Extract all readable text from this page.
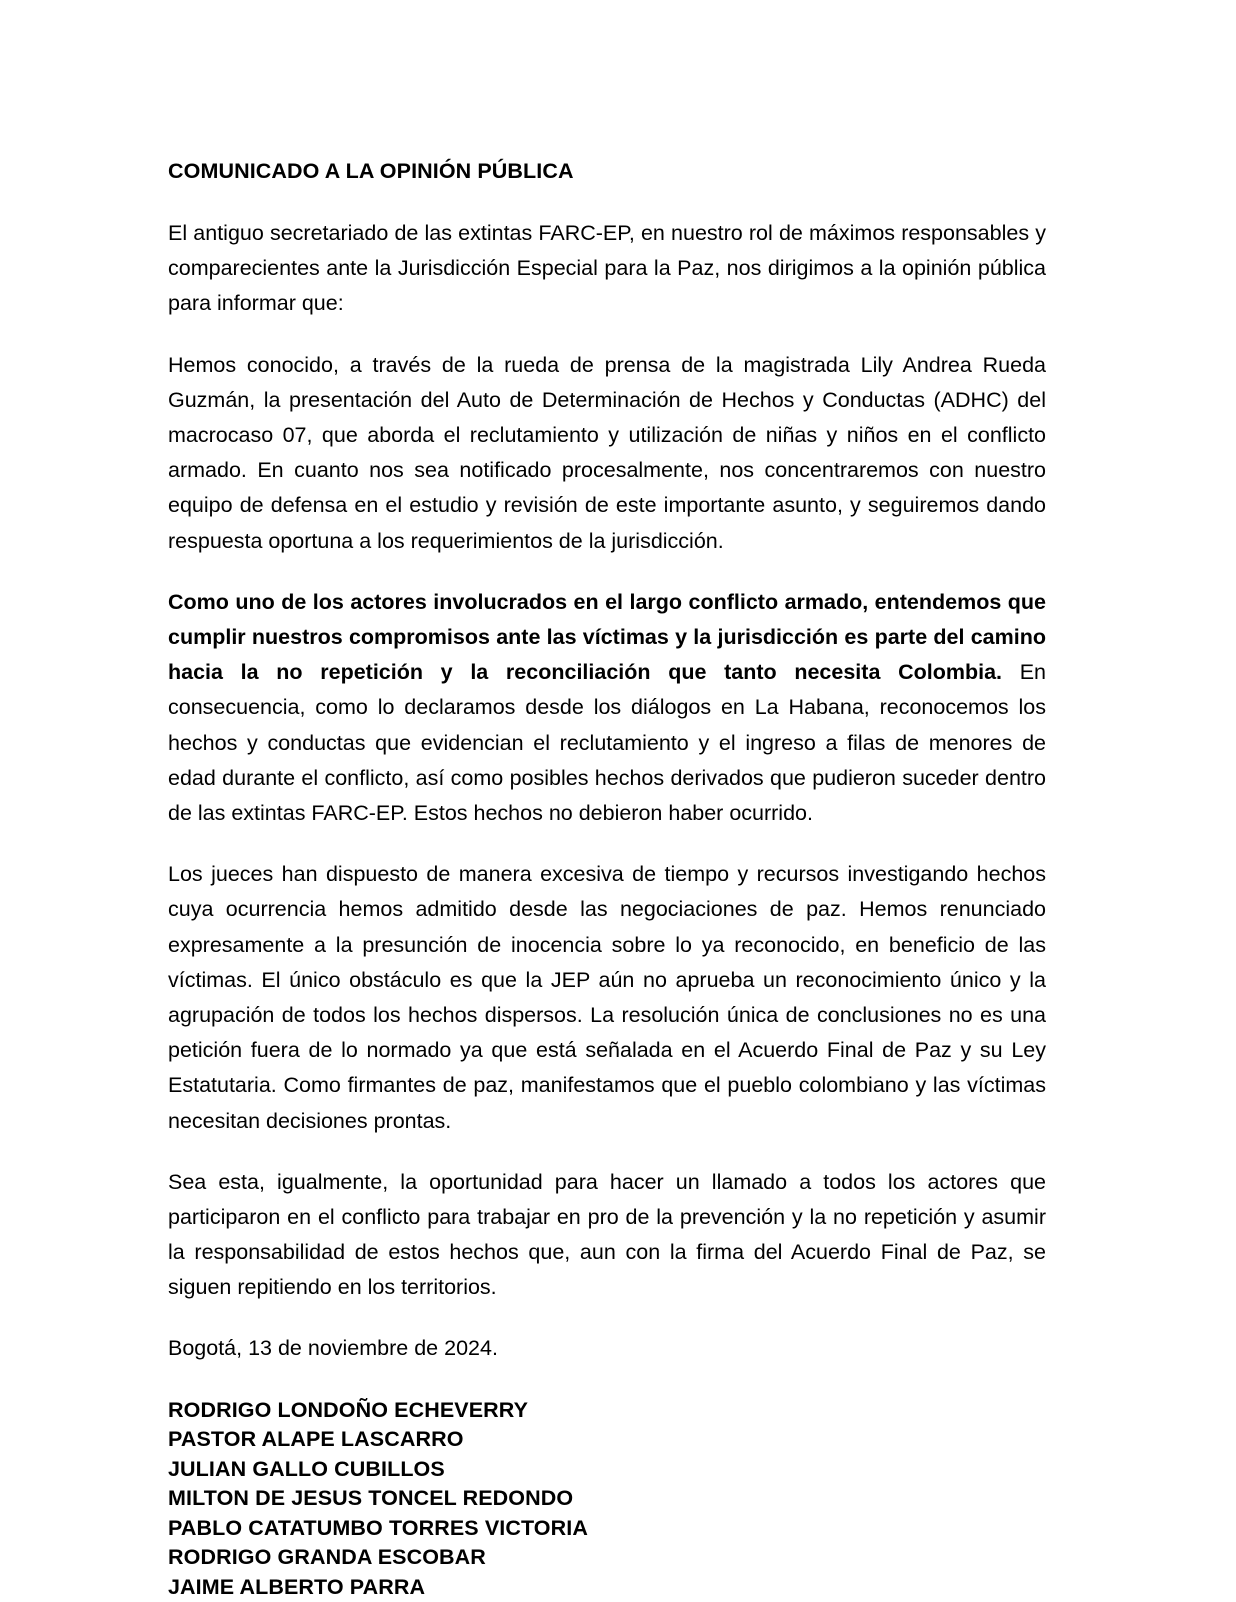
COMUNICADO A LA OPINIÓN PÚBLICA

El antiguo secretariado de las extintas FARC-EP, en nuestro rol de máximos responsables y comparecientes ante la Jurisdicción Especial para la Paz, nos dirigimos a la opinión pública para informar que:

Hemos conocido, a través de la rueda de prensa de la magistrada Lily Andrea Rueda Guzmán, la presentación del Auto de Determinación de Hechos y Conductas (ADHC) del macrocaso 07, que aborda el reclutamiento y utilización de niñas y niños en el conflicto armado. En cuanto nos sea notificado procesalmente, nos concentraremos con nuestro equipo de defensa en el estudio y revisión de este importante asunto, y seguiremos dando respuesta oportuna a los requerimientos de la jurisdicción.

Como uno de los actores involucrados en el largo conflicto armado, entendemos que cumplir nuestros compromisos ante las víctimas y la jurisdicción es parte del camino hacia la no repetición y la reconciliación que tanto necesita Colombia. En consecuencia, como lo declaramos desde los diálogos en La Habana, reconocemos los hechos y conductas que evidencian el reclutamiento y el ingreso a filas de menores de edad durante el conflicto, así como posibles hechos derivados que pudieron suceder dentro de las extintas FARC-EP. Estos hechos no debieron haber ocurrido.

Los jueces han dispuesto de manera excesiva de tiempo y recursos investigando hechos cuya ocurrencia hemos admitido desde las negociaciones de paz. Hemos renunciado expresamente a la presunción de inocencia sobre lo ya reconocido, en beneficio de las víctimas. El único obstáculo es que la JEP aún no aprueba un reconocimiento único y la agrupación de todos los hechos dispersos. La resolución única de conclusiones no es una petición fuera de lo normado ya que está señalada en el Acuerdo Final de Paz y su Ley Estatutaria. Como firmantes de paz, manifestamos que el pueblo colombiano y las víctimas necesitan decisiones prontas.

Sea esta, igualmente, la oportunidad para hacer un llamado a todos los actores que participaron en el conflicto para trabajar en pro de la prevención y la no repetición y asumir la responsabilidad de estos hechos que, aun con la firma del Acuerdo Final de Paz, se siguen repitiendo en los territorios.

Bogotá, 13 de noviembre de 2024.

RODRIGO LONDOÑO ECHEVERRY
PASTOR ALAPE LASCARRO
JULIAN GALLO CUBILLOS
MILTON DE JESUS TONCEL REDONDO
PABLO CATATUMBO TORRES VICTORIA
RODRIGO GRANDA ESCOBAR
JAIME ALBERTO PARRA
